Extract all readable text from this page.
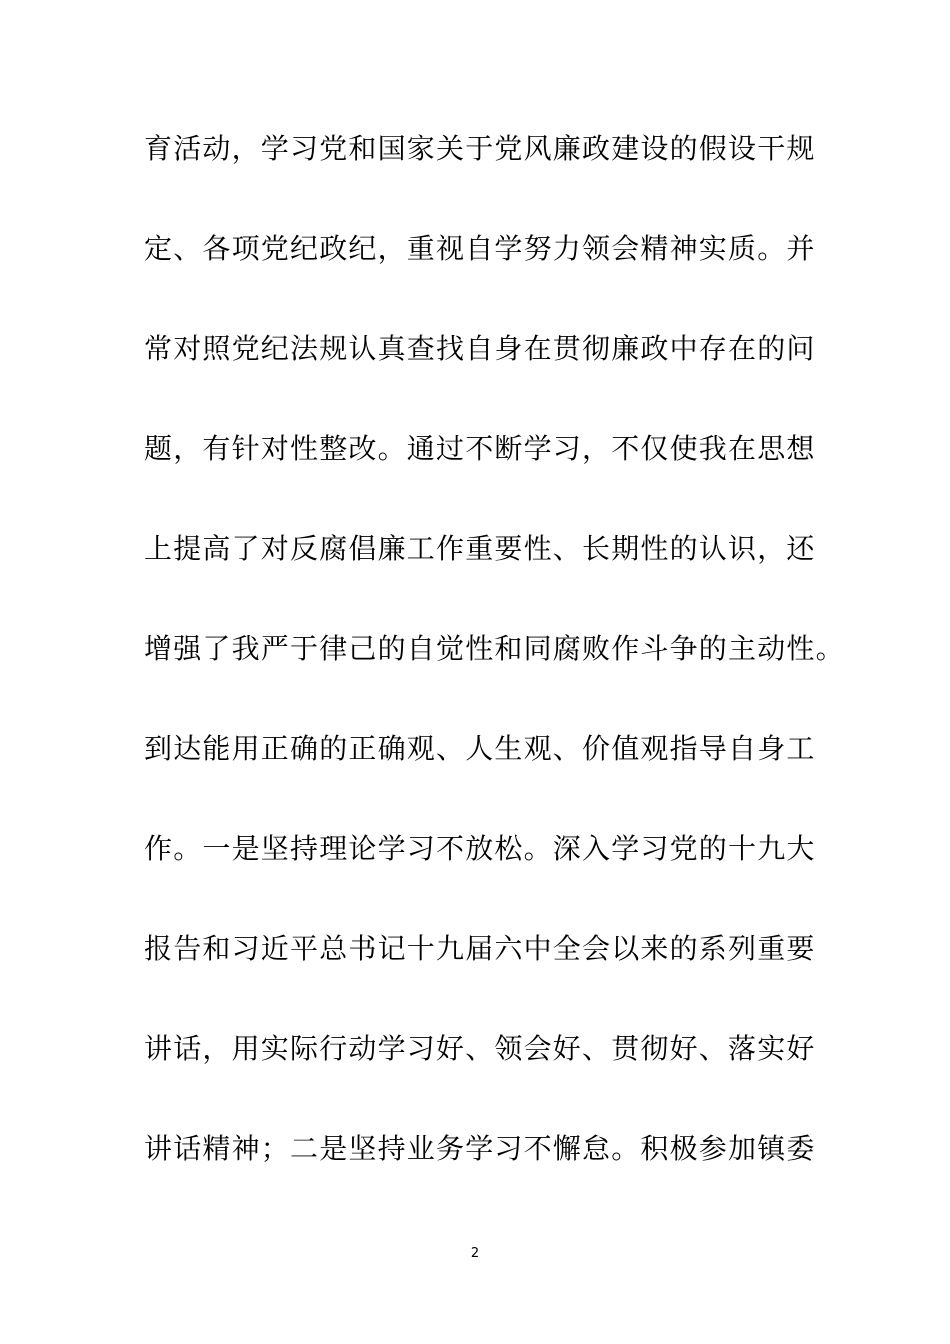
育活动，学习党和国家关于党风廉政建设的假设干规
定、各项党纪政纪，重视自学努力领会精神实质。并
常对照党纪法规认真查找自身在贯彻廉政中存在的问
题，有针对性整改。通过不断学习，不仅使我在思想
上提高了对反腐倡廉工作重要性、长期性的认识，还
增强了我严于律己的自觉性和同腐败作斗争的主动性。
到达能用正确的正确观、人生观、价值观指导自身工
作。一是坚持理论学习不放松。深入学习党的十九大
报告和习近平总书记十九届六中全会以来的系列重要
讲话，用实际行动学习好、领会好、贯彻好、落实好
讲话精神；二是坚持业务学习不懈怠。积极参加镇委
2
